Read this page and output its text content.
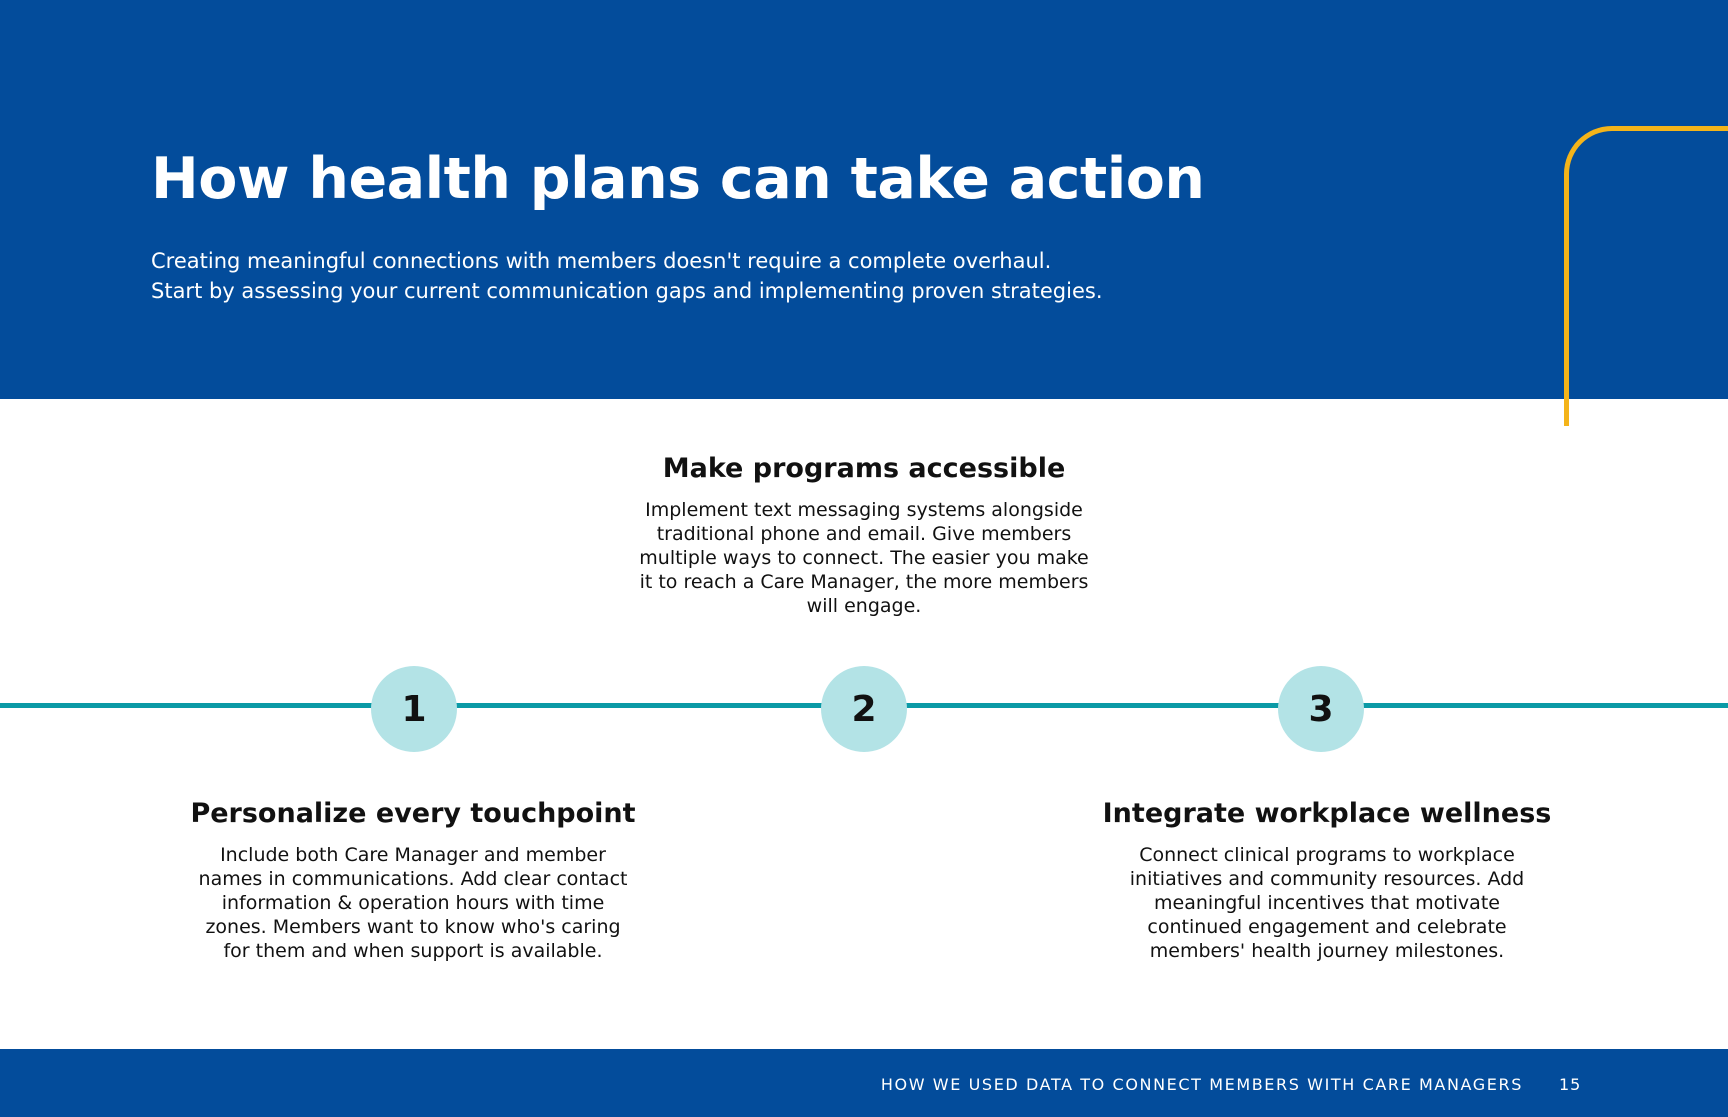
How health plans can take action
Creating meaningful connections with members doesn't require a complete overhaul.
Start by assessing your current communication gaps and implementing proven strategies.
1	2	3
Make programs accessible

Implement text messaging systems alongside traditional phone and email. Give members multiple ways to connect. The easier you make it to reach a Care Manager, the more members will engage.

Personalize every touchpoint

Include both Care Manager and member names in communications. Add clear contact information & operation hours with time zones. Members want to know who's caring for them and when support is available.

Integrate workplace wellness

Connect clinical programs to workplace initiatives and community resources. Add meaningful incentives that motivate continued engagement and celebrate members' health journey milestones.

HOW WE USED DATA TO CONNECT MEMBERS WITH CARE MANAGERS 15
